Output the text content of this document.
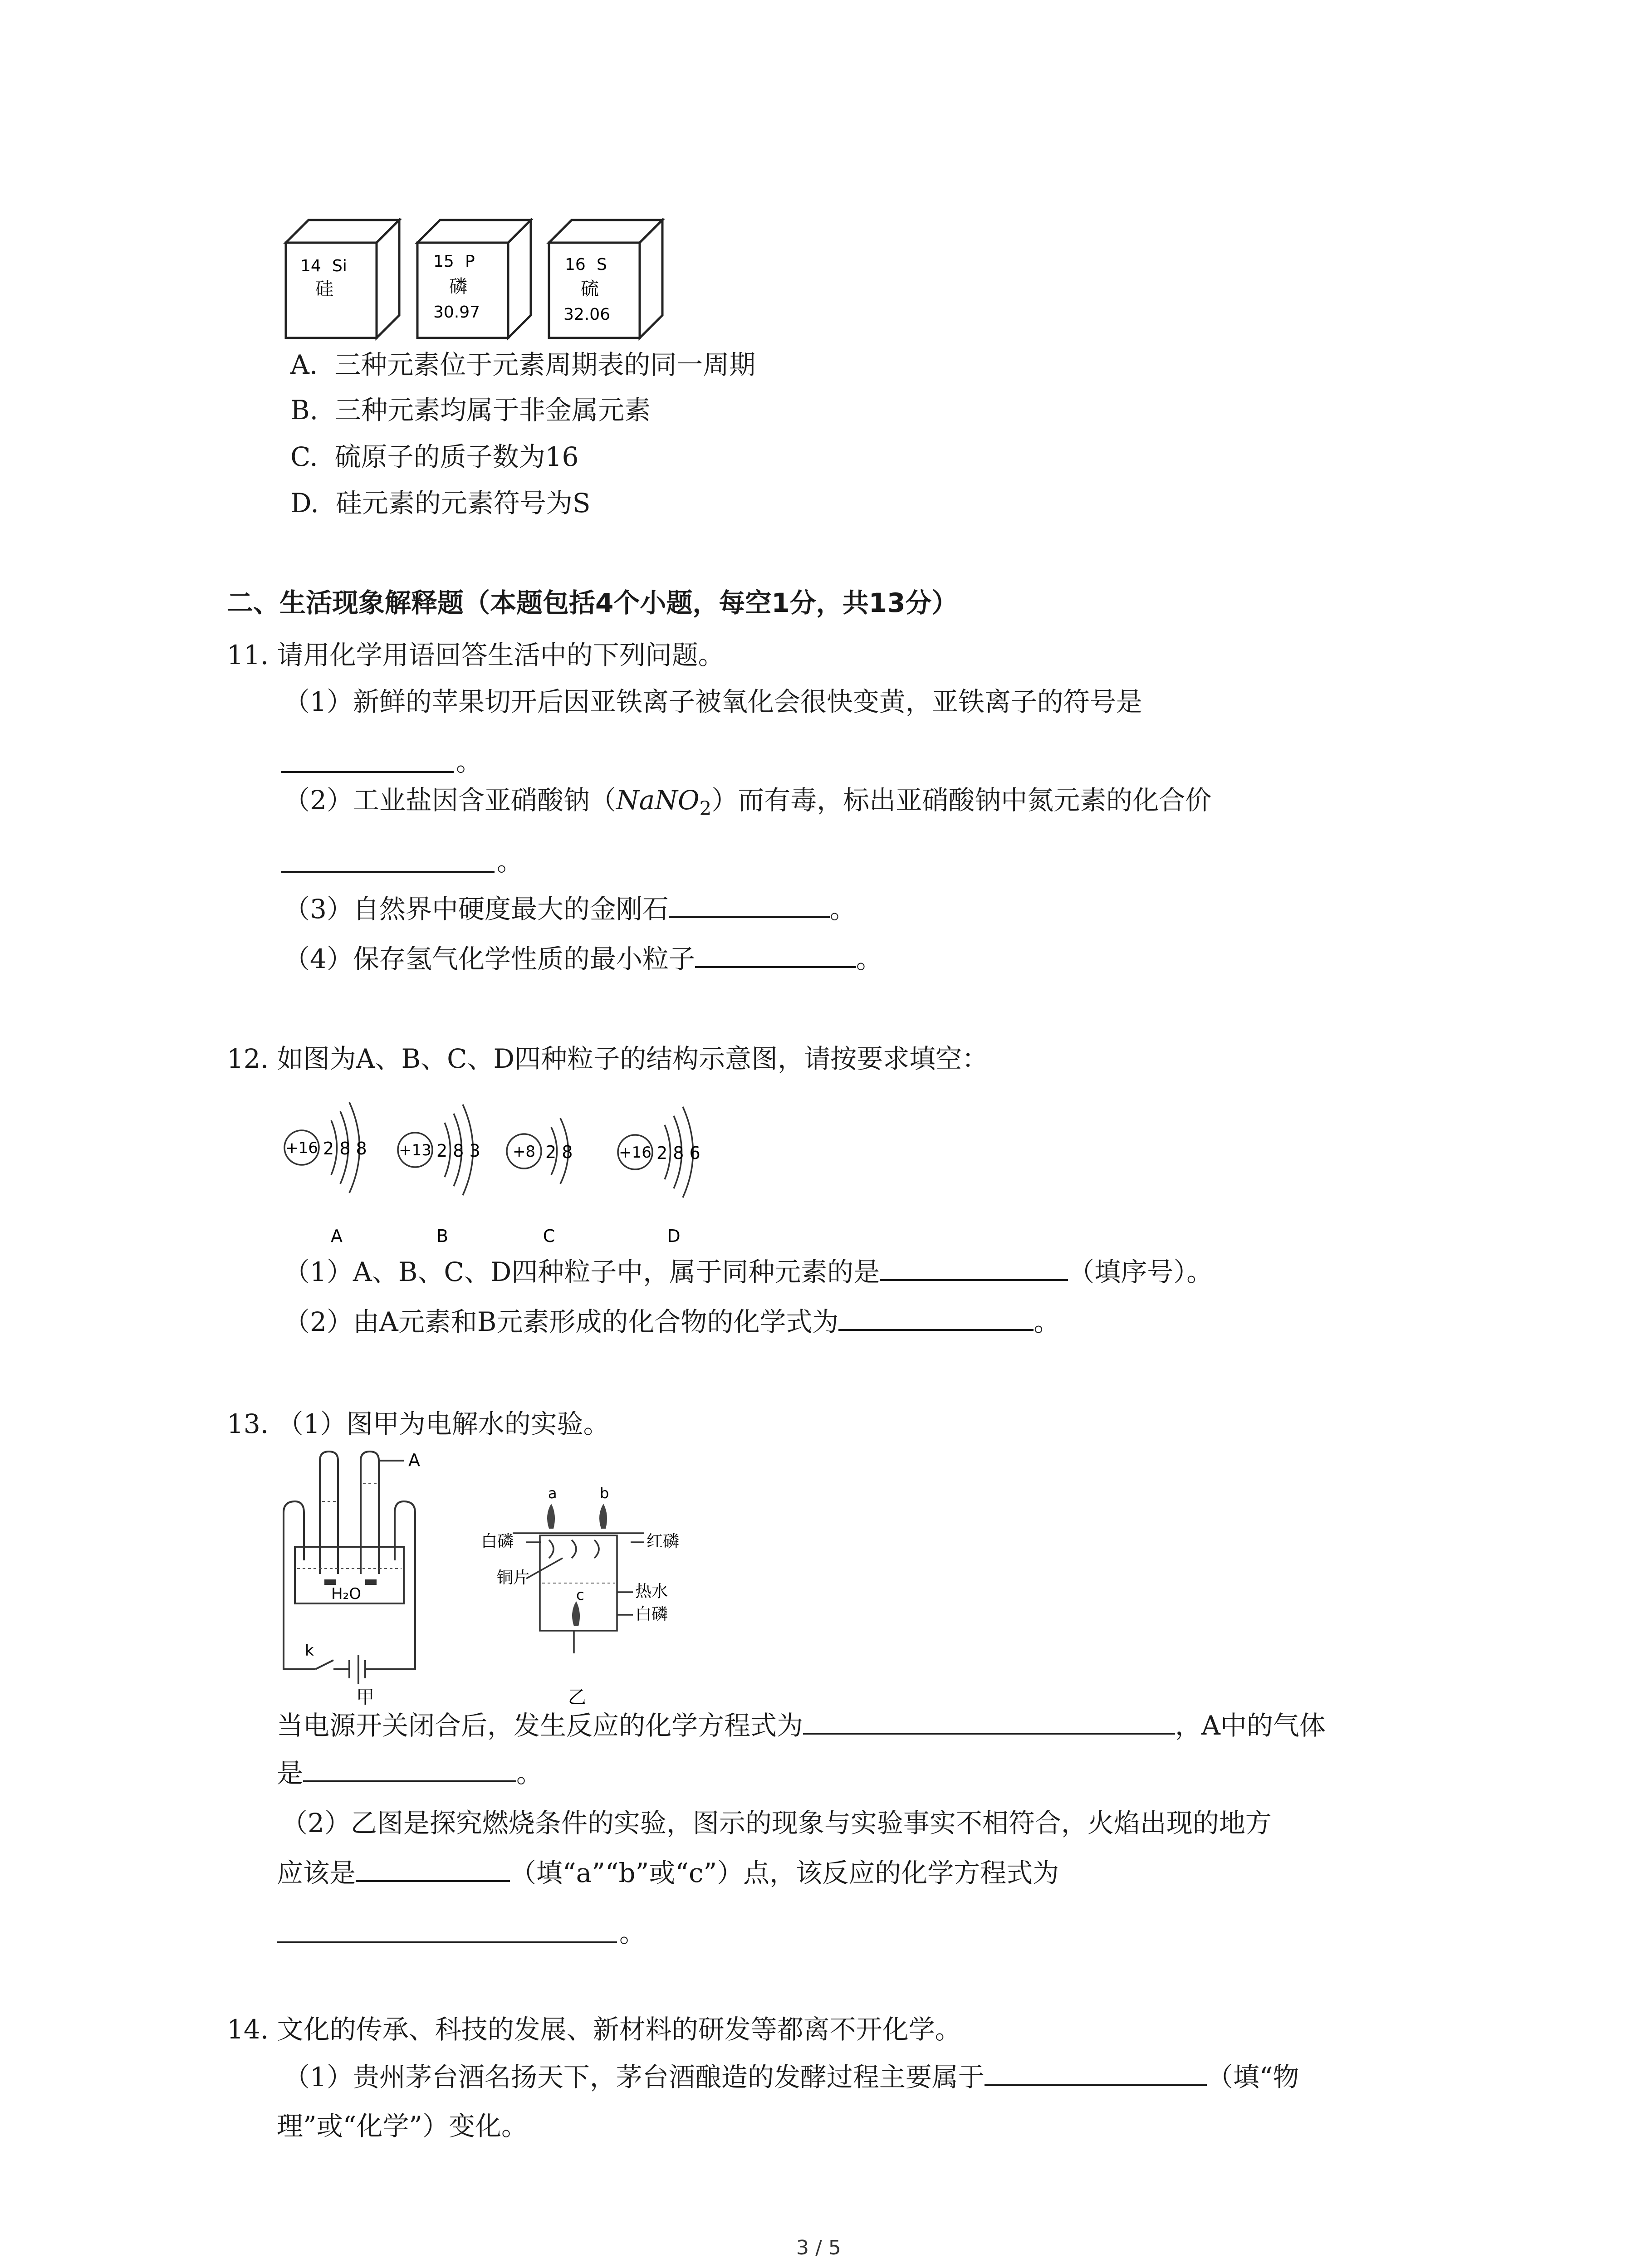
14 Si
硅
15 P
磷
30.97
16 S
硫
32.06
A. 三种元素位于元素周期表的同一周期
B. 三种元素均属于非金属元素
C. 硫原子的质子数为16
D. 硅元素的元素符号为S
二、生活现象解释题（本题包括4个小题，每空1分，共13分）
11. 请用化学用语回答生活中的下列问题。
（1）新鲜的苹果切开后因亚铁离子被氧化会很快变黄，亚铁离子的符号是
。
（2）工业盐因含亚硝酸钠（NaNO$_2$）而有毒，标出亚硝酸钠中氮元素的化合价
。
（3）自然界中硬度最大的金刚石	。
（4）保存氢气化学性质的最小粒子	。
12. 如图为A、B、C、D四种粒子的结构示意图，请按要求填空：
+16 2 8 8 +13 2 8 3 +8 2 8	+16 2 8 6
A	B	C	D
（1）A、B、C、D四种粒子中，属于同种元素的是	（填序号）。
（2）由A元素和B元素形成的化合物的化学式为	。
13. （1）图甲为电解水的实验。
A
H₂O
k
甲
a	b
c
白磷	红磷
铜片
热水
白磷
乙
当电源开关闭合后，发生反应的化学方程式为	，A中的气体
是	。
（2）乙图是探究燃烧条件的实验，图示的现象与实验事实不相符合，火焰出现的地方
应该是	（填“a”“b”或“c”）点，该反应的化学方程式为
。
14. 文化的传承、科技的发展、新材料的研发等都离不开化学。
（1）贵州茅台酒名扬天下，茅台酒酿造的发酵过程主要属于	（填“物
理”或“化学”）变化。
3 / 5
